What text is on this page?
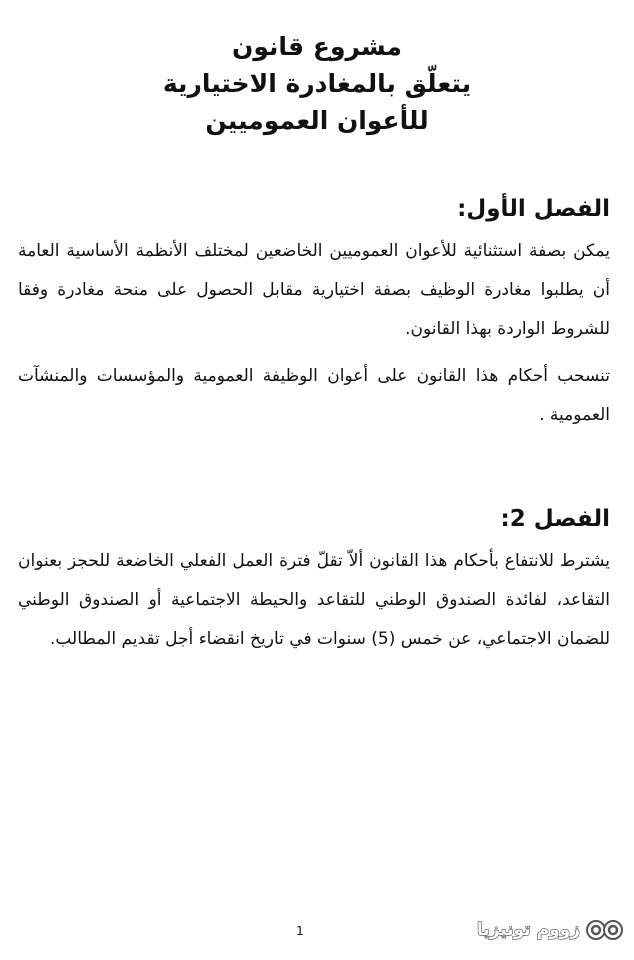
مشروع قانون

يتعلّق بالمغادرة الاختيارية

للأعوان العموميين

الفصل الأول:

يمكن بصفة استثنائية للأعوان العموميين الخاضعين لمختلف الأنظمة الأساسية العامة أن يطلبوا مغادرة الوظيف بصفة اختيارية مقابل الحصول على منحة مغادرة وفقا للشروط الواردة بهذا القانون.

تنسحب أحكام هذا القانون على أعوان الوظيفة العمومية والمؤسسات والمنشآت العمومية .

الفصل 2:

يشترط للانتفاع بأحكام هذا القانون ألاّ تقلّ فترة العمل الفعلي الخاضعة للحجز بعنوان التقاعد، لفائدة الصندوق الوطني للتقاعد والحيطة الاجتماعية أو الصندوق الوطني للضمان الاجتماعي، عن خمس (5) سنوات في تاريخ انقضاء أجل تقديم المطالب.

1	زووم تونيزيا
